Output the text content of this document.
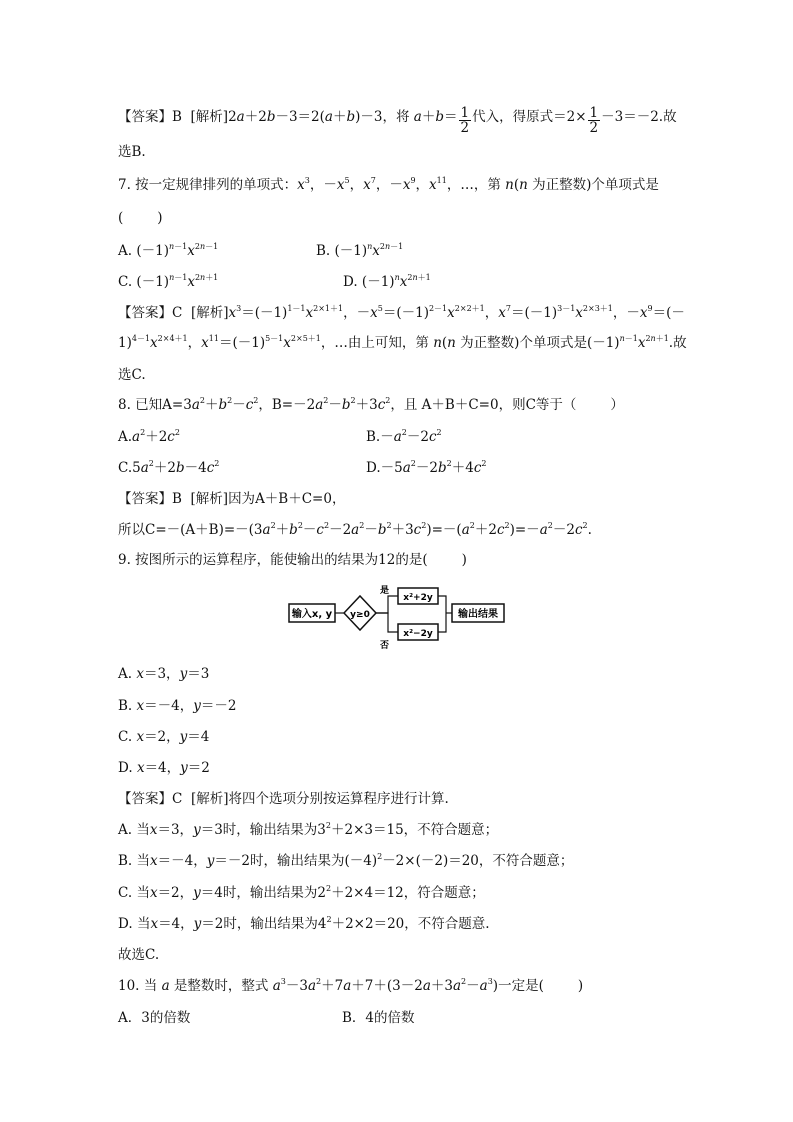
【答案】B [解析]2a＋2b－3＝2(a＋b)－3，将 $a+b= \frac{1}{2}$ 代入，得原式$=2\times \frac{1}{2} -3=-2$.故
选B.
7. 按一定规律排列的单项式：$x^3$，$-x^5$，$x^7$，$-x^9$，$x^{11}$，…，第 n(n 为正整数)个单项式是
(	)
A. $(-1)^{n-1}x^{2n-1}$	B. $(-1)^nx^{2n-1}$
C. $(-1)^{n-1}x^{2n+1}$	D. $(-1)^nx^{2n+1}$
【答案】C [解析]$x^3=(-1)^{1-1}x^{2\times 1+1}$，$-x^5=(-1)^{2-1}x^{2\times 2+1}$，$x^7=(-1)^{3-1}x^{2\times 3+1}$，$-x^9=(-$
$1)^{4-1}x^{2\times 4+1}$，$x^{11}=(-1)^{5-1}x^{2\times 5+1}$，…由上可知，第 n(n 为正整数)个单项式是$(-1)^{n-1}x^{2n+1}$.故
选C.
8. 已知$A=3a^2+b^2-c^2$，$B=-2a^2-b^2+3c^2$，且 A＋B＋C=0，则C等于（	）
$A.a^2+2c^2$	$B.-a^2-2c^2$
$C.5a^2+2b-4c^2$	$D.-5a^2-2b^2+4c^2$
【答案】B [解析]因为A＋B＋C=0，
所以$C=-(A+B)=-(3a^2+b^2-c^2-2a^2-b^2+3c^2)=-(a^2+2c^2)=-a^2-2c^2$.
9. 按图所示的运算程序，能使输出的结果为12的是(	)
输入x, y y≥0
是
否
x²+2y
x²−2y
输出结果
A. x＝3，y＝3
B. x＝－4，y＝－2
C. x＝2，y＝4
D. x＝4，y＝2
【答案】C [解析]将四个选项分别按运算程序进行计算.
A. 当x＝3，y＝3时，输出结果为$3^2+2\times 3=15$，不符合题意；
B. 当x＝－4，y＝－2时，输出结果为$(-4)^2-2\times(-2)=20$，不符合题意；
C. 当x＝2，y＝4时，输出结果为$2^2+2\times 4=12$，符合题意；
D. 当x＝4，y＝2时，输出结果为$4^2+2\times 2=20$，不符合题意.
故选C.
10. 当 a 是整数时，整式 $a^3-3a^2+7a+7+(3-2a+3a^2-a^3)$一定是(	)
A．3的倍数	B．4的倍数
